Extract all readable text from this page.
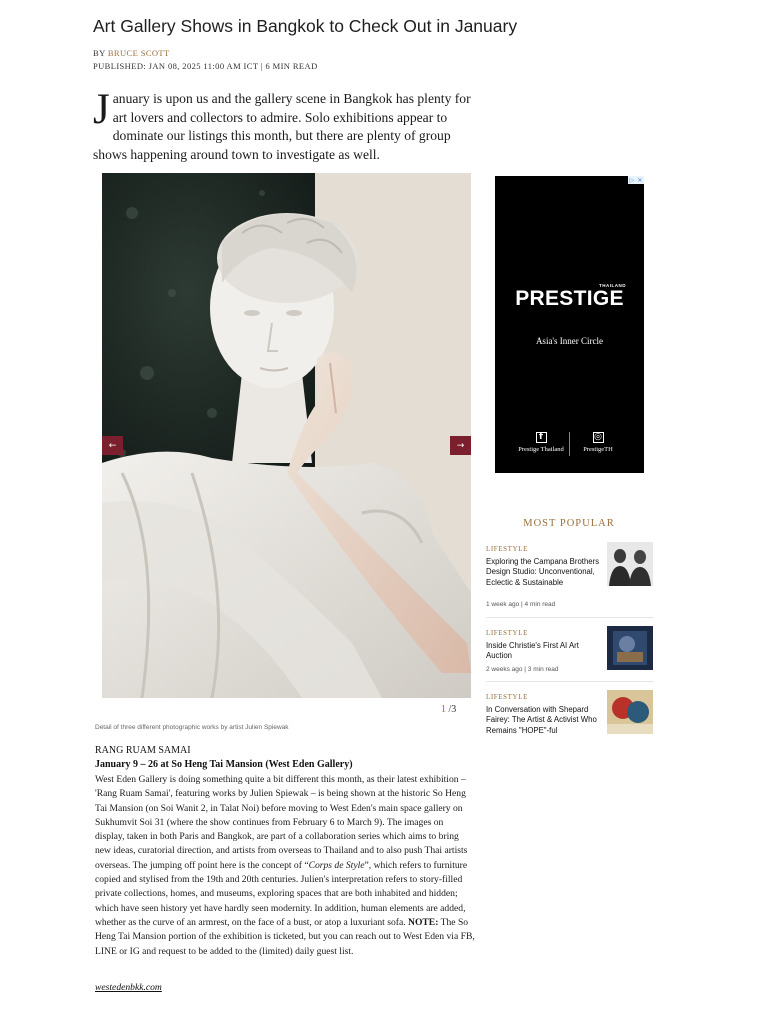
Art Gallery Shows in Bangkok to Check Out in January
BY BRUCE SCOTT
PUBLISHED: JAN 08, 2025 11:00 AM ICT | 6 MIN READ
January is upon us and the gallery scene in Bangkok has plenty for art lovers and collectors to admire. Solo exhibitions appear to dominate our listings this month, but there are plenty of group shows happening around town to investigate as well.
←	→
1 /3
Detail of three different photographic works by artist Julien Spiewak
RANG RUAM SAMAI
January 9 – 26 at So Heng Tai Mansion (West Eden Gallery)
West Eden Gallery is doing something quite a bit different this month, as their latest exhibition – 'Rang Ruam Samai', featuring works by Julien Spiewak – is being shown at the historic So Heng Tai Mansion (on Soi Wanit 2, in Talat Noi) before moving to West Eden's main space gallery on Sukhumvit Soi 31 (where the show continues from February 6 to March 9). The images on display, taken in both Paris and Bangkok, are part of a collaboration series which aims to bring new ideas, curatorial direction, and artists from overseas to Thailand and to also push Thai artists overseas. The jumping off point here is the concept of “Corps de Style”, which refers to furniture copied and stylised from the 19th and 20th centuries. Julien's interpretation refers to story-filled private collections, homes, and museums, exploring spaces that are both inhabited and hidden; which have seen history yet have hardly seen modernity. In addition, human elements are added, whether as the curve of an armrest, on the face of a bust, or atop a luxuriant sofa. NOTE: The So Heng Tai Mansion portion of the exhibition is ticketed, but you can reach out to West Eden via FB, LINE or IG and request to be added to the (limited) daily guest list.
westedenbkk.com
▷ ✕
THAILAND
PRESTIGE
Asia's Inner Circle
f
Prestige Thailand
◎
PrestigeTH
MOST POPULAR
LIFESTYLE
Exploring the Campana Brothers Design Studio: Unconventional, Eclectic & Sustainable
1 week ago | 4 min read
LIFESTYLE
Inside Christie's First AI Art Auction
2 weeks ago | 3 min read
LIFESTYLE
In Conversation with Shepard Fairey: The Artist & Activist Who Remains "HOPE"-ful
